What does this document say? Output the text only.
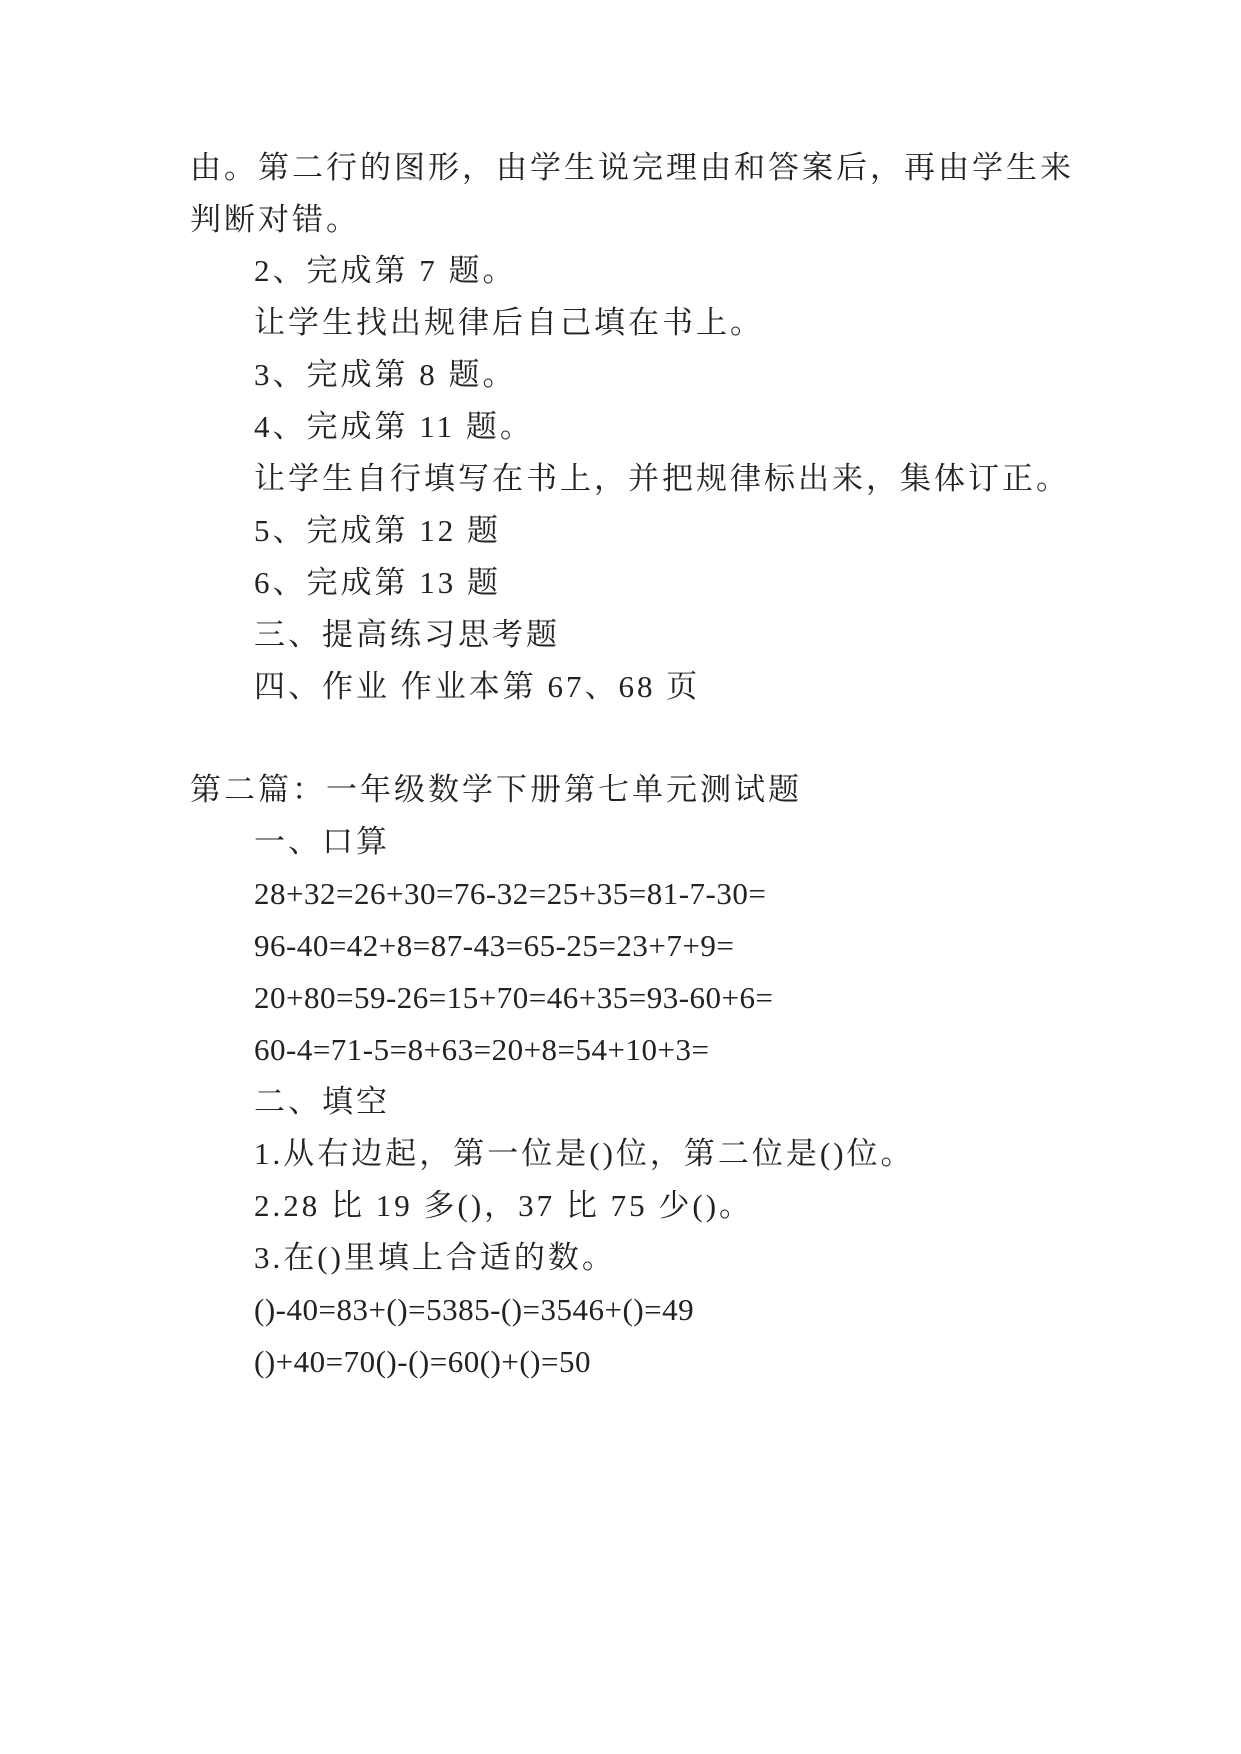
由。第二行的图形，由学生说完理由和答案后，再由学生来
判断对错。
2、完成第 7 题。
让学生找出规律后自己填在书上。
3、完成第 8 题。
4、完成第 11 题。
让学生自行填写在书上，并把规律标出来，集体订正。
5、完成第 12 题
6、完成第 13 题
三、提高练习思考题
四、作业 作业本第 67、68 页
第二篇：一年级数学下册第七单元测试题
一、口算
28+32=26+30=76-32=25+35=81-7-30=
96-40=42+8=87-43=65-25=23+7+9=
20+80=59-26=15+70=46+35=93-60+6=
60-4=71-5=8+63=20+8=54+10+3=
二、填空
1.从右边起，第一位是()位，第二位是()位。
2.28 比 19 多()，37 比 75 少()。
3.在()里填上合适的数。
()-40=83+()=5385-()=3546+()=49
()+40=70()-()=60()+()=50
